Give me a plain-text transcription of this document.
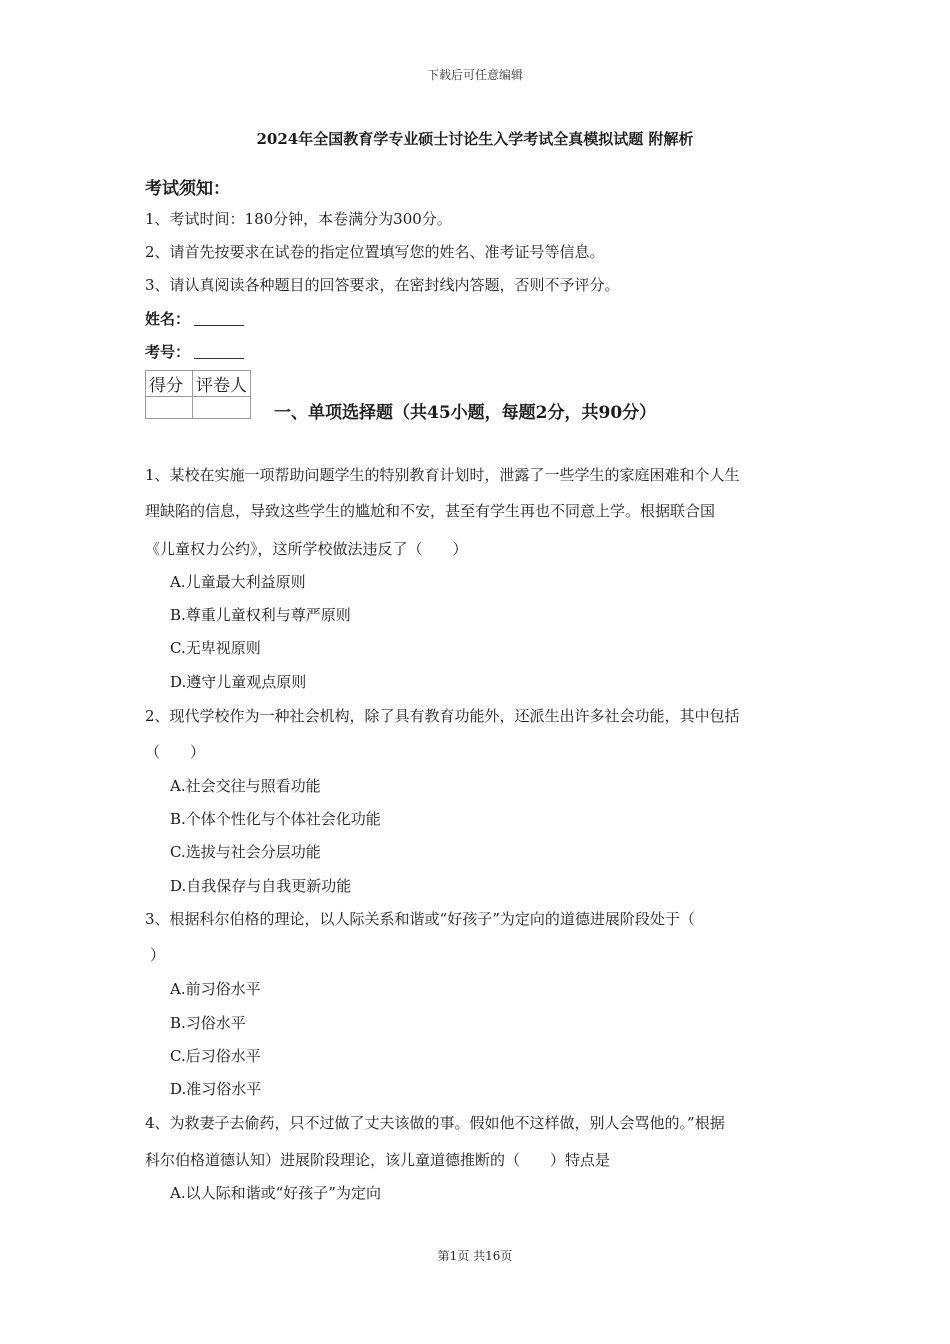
下载后可任意编辑
2024年全国教育学专业硕士讨论生入学考试全真模拟试题 附解析
考试须知：
1、考试时间：180分钟，本卷满分为300分。
2、请首先按要求在试卷的指定位置填写您的姓名、准考证号等信息。
3、请认真阅读各种题目的回答要求，在密封线内答题，否则不予评分。
姓名：
考号：
得分	评卷人

一、单项选择题（共45小题，每题2分，共90分）
1、某校在实施一项帮助问题学生的特别教育计划时，泄露了一些学生的家庭困难和个人生
理缺陷的信息，导致这些学生的尴尬和不安，甚至有学生再也不同意上学。根据联合国
《儿童权力公约》，这所学校做法违反了（　　）
A.儿童最大利益原则
B.尊重儿童权利与尊严原则
C.无卑视原则
D.遵守儿童观点原则
2、现代学校作为一种社会机构，除了具有教育功能外，还派生出许多社会功能，其中包括
（　　）
A.社会交往与照看功能
B.个体个性化与个体社会化功能
C.选拔与社会分层功能
D.自我保存与自我更新功能
3、根据科尔伯格的理论，以人际关系和谐或“好孩子”为定向的道德进展阶段处于（
）
A.前习俗水平
B.习俗水平
C.后习俗水平
D.准习俗水平
4、为救妻子去偷药，只不过做了丈夫该做的事。假如他不这样做，别人会骂他的。”根据
科尔伯格道德认知）进展阶段理论，该儿童道德推断的（　　）特点是
A.以人际和谐或“好孩子”为定向
第1页 共16页
